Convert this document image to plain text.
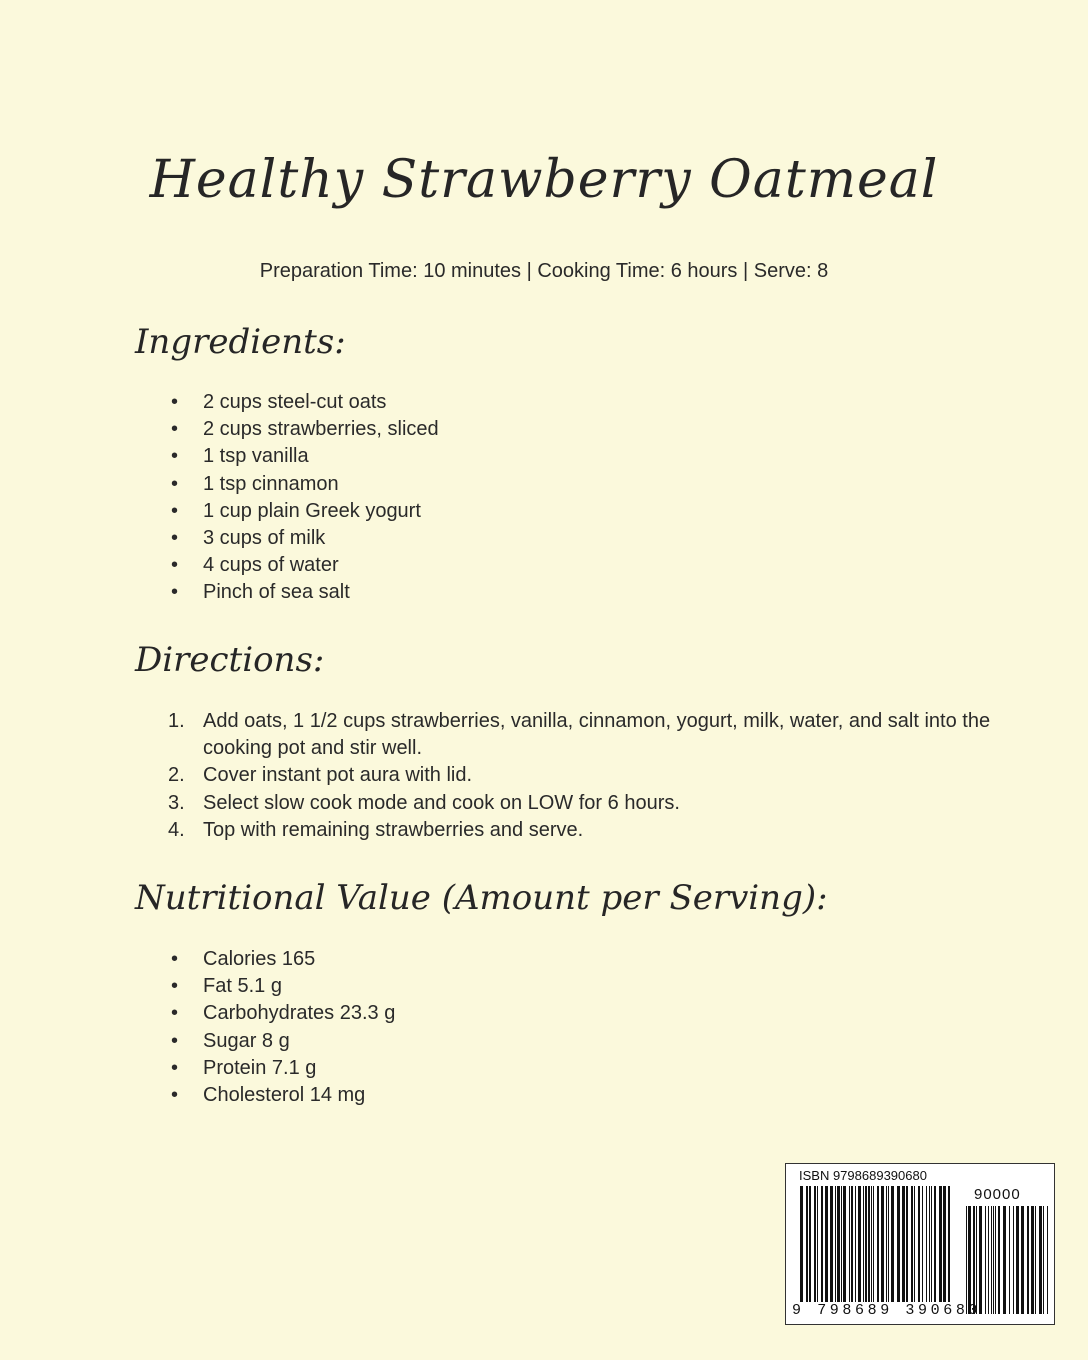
Healthy Strawberry Oatmeal
Preparation Time: 10 minutes | Cooking Time: 6 hours | Serve: 8
Ingredients:
• 2 cups steel-cut oats
• 2 cups strawberries, sliced
• 1 tsp vanilla
• 1 tsp cinnamon
• 1 cup plain Greek yogurt
• 3 cups of milk
• 4 cups of water
• Pinch of sea salt
Directions:
1. Add oats, 1 1/2 cups strawberries, vanilla, cinnamon, yogurt, milk, water, and salt into the cooking pot and stir well.
2. Cover instant pot aura with lid.
3. Select slow cook mode and cook on LOW for 6 hours.
4. Top with remaining strawberries and serve.
Nutritional Value (Amount per Serving):
• Calories 165
• Fat 5.1 g
• Carbohydrates 23.3 g
• Sugar 8 g
• Protein 7.1 g
• Cholesterol 14 mg
ISBN 9798689390680
90000
9 798689 390680
